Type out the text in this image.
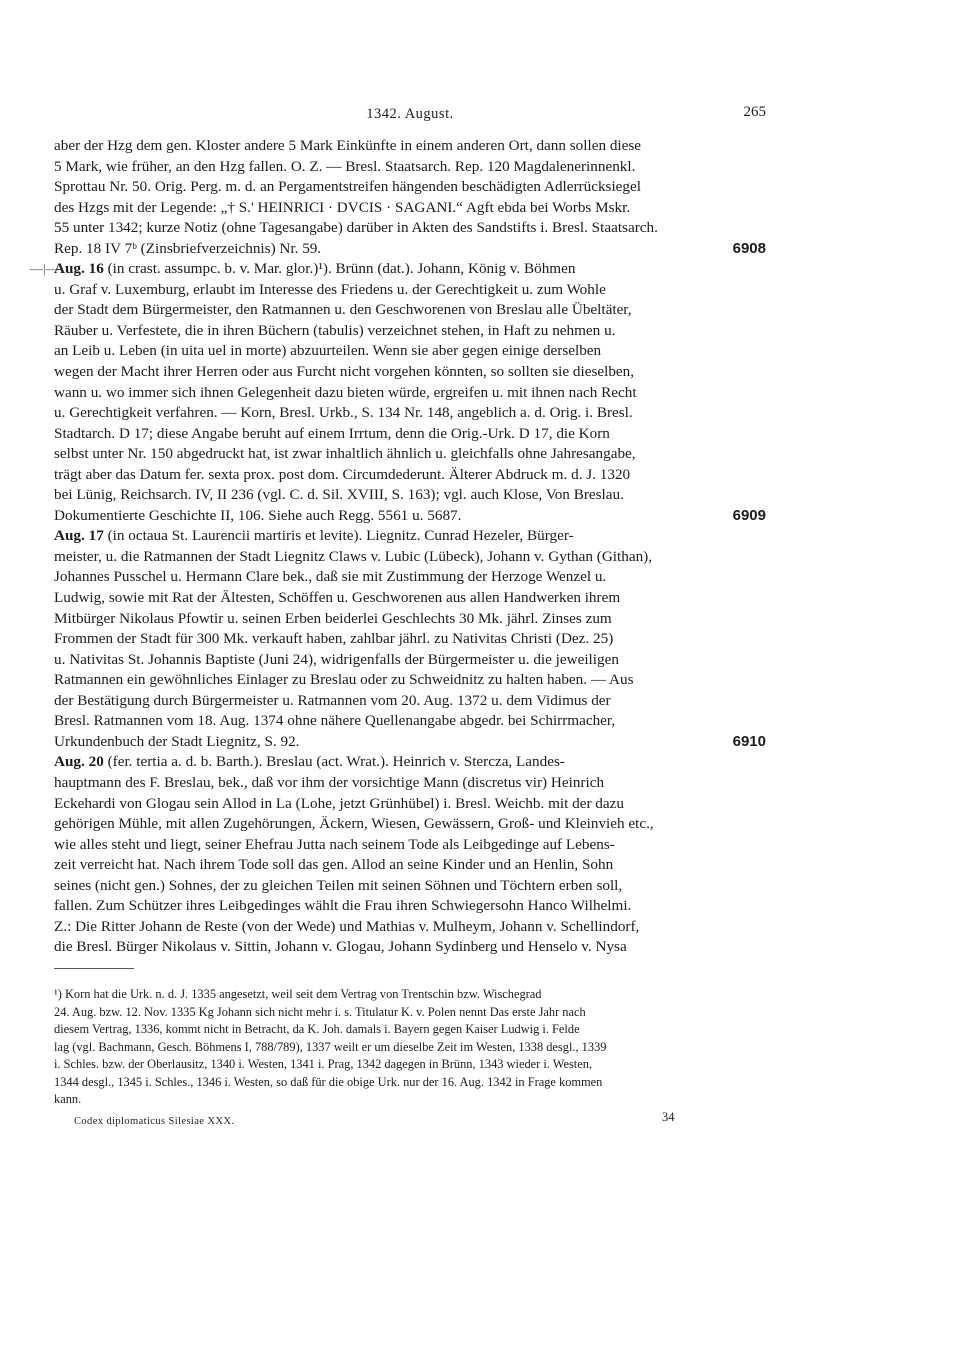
1342. August.	265
aber der Hzg dem gen. Kloster andere 5 Mark Einkünfte in einem anderen Ort, dann sollen diese
5 Mark, wie früher, an den Hzg fallen. O. Z. — Bresl. Staatsarch. Rep. 120 Magdalenerinnenkl.
Sprottau Nr. 50. Orig. Perg. m. d. an Pergamentstreifen hängenden beschädigten Adlerrücksiegel
des Hzgs mit der Legende: „† S.' HEINRICI · DVCIS · SAGANI.“ Agft ebda bei Worbs Mskr.
55 unter 1342; kurze Notiz (ohne Tagesangabe) darüber in Akten des Sandstifts i. Bresl. Staatsarch.
Rep. 18 IV 7ᵇ (Zinsbriefverzeichnis) Nr. 59.	6908
—|—
Aug. 16 (in crast. assumpc. b. v. Mar. glor.)¹). Brünn (dat.). Johann, König v. Böhmen
u. Graf v. Luxemburg, erlaubt im Interesse des Friedens u. der Gerechtigkeit u. zum Wohle
der Stadt dem Bürgermeister, den Ratmannen u. den Geschworenen von Breslau alle Übeltäter,
Räuber u. Verfestete, die in ihren Büchern (tabulis) verzeichnet stehen, in Haft zu nehmen u.
an Leib u. Leben (in uita uel in morte) abzuurteilen. Wenn sie aber gegen einige derselben
wegen der Macht ihrer Herren oder aus Furcht nicht vorgehen könnten, so sollten sie dieselben,
wann u. wo immer sich ihnen Gelegenheit dazu bieten würde, ergreifen u. mit ihnen nach Recht
u. Gerechtigkeit verfahren. — Korn, Bresl. Urkb., S. 134 Nr. 148, angeblich a. d. Orig. i. Bresl.
Stadtarch. D 17; diese Angabe beruht auf einem Irrtum, denn die Orig.-Urk. D 17, die Korn
selbst unter Nr. 150 abgedruckt hat, ist zwar inhaltlich ähnlich u. gleichfalls ohne Jahresangabe,
trägt aber das Datum fer. sexta prox. post dom. Circumdederunt. Älterer Abdruck m. d. J. 1320
bei Lünig, Reichsarch. IV, II 236 (vgl. C. d. Sil. XVIII, S. 163); vgl. auch Klose, Von Breslau.
Dokumentierte Geschichte II, 106. Siehe auch Regg. 5561 u. 5687.	6909
Aug. 17 (in octaua St. Laurencii martiris et levite). Liegnitz. Cunrad Hezeler, Bürger-
meister, u. die Ratmannen der Stadt Liegnitz Claws v. Lubic (Lübeck), Johann v. Gythan (Githan),
Johannes Pusschel u. Hermann Clare bek., daß sie mit Zustimmung der Herzoge Wenzel u.
Ludwig, sowie mit Rat der Ältesten, Schöffen u. Geschworenen aus allen Handwerken ihrem
Mitbürger Nikolaus Pfowtir u. seinen Erben beiderlei Geschlechts 30 Mk. jährl. Zinses zum
Frommen der Stadt für 300 Mk. verkauft haben, zahlbar jährl. zu Nativitas Christi (Dez. 25)
u. Nativitas St. Johannis Baptiste (Juni 24), widrigenfalls der Bürgermeister u. die jeweiligen
Ratmannen ein gewöhnliches Einlager zu Breslau oder zu Schweidnitz zu halten haben. — Aus
der Bestätigung durch Bürgermeister u. Ratmannen vom 20. Aug. 1372 u. dem Vidimus der
Bresl. Ratmannen vom 18. Aug. 1374 ohne nähere Quellenangabe abgedr. bei Schirrmacher,
Urkundenbuch der Stadt Liegnitz, S. 92.	6910
Aug. 20 (fer. tertia a. d. b. Barth.). Breslau (act. Wrat.). Heinrich v. Stercza, Landes-
hauptmann des F. Breslau, bek., daß vor ihm der vorsichtige Mann (discretus vir) Heinrich
Eckehardi von Glogau sein Allod in La (Lohe, jetzt Grünhübel) i. Bresl. Weichb. mit der dazu
gehörigen Mühle, mit allen Zugehörungen, Äckern, Wiesen, Gewässern, Groß- und Kleinvieh etc.,
wie alles steht und liegt, seiner Ehefrau Jutta nach seinem Tode als Leibgedinge auf Lebens-
zeit verreicht hat. Nach ihrem Tode soll das gen. Allod an seine Kinder und an Henlin, Sohn
seines (nicht gen.) Sohnes, der zu gleichen Teilen mit seinen Söhnen und Töchtern erben soll,
fallen. Zum Schützer ihres Leibgedinges wählt die Frau ihren Schwiegersohn Hanco Wilhelmi.
Z.: Die Ritter Johann de Reste (von der Wede) und Mathias v. Mulheym, Johann v. Schellindorf,
die Bresl. Bürger Nikolaus v. Sittin, Johann v. Glogau, Johann Sydinberg und Henselo v. Nysa
¹) Korn hat die Urk. n. d. J. 1335 angesetzt, weil seit dem Vertrag von Trentschin bzw. Wischegrad
24. Aug. bzw. 12. Nov. 1335 Kg Johann sich nicht mehr i. s. Titulatur K. v. Polen nennt Das erste Jahr nach
diesem Vertrag, 1336, kommt nicht in Betracht, da K. Joh. damals i. Bayern gegen Kaiser Ludwig i. Felde
lag (vgl. Bachmann, Gesch. Böhmens I, 788/789), 1337 weilt er um dieselbe Zeit im Westen, 1338 desgl., 1339
i. Schles. bzw. der Oberlausitz, 1340 i. Westen, 1341 i. Prag, 1342 dagegen in Brünn, 1343 wieder i. Westen,
1344 desgl., 1345 i. Schles., 1346 i. Westen, so daß für die obige Urk. nur der 16. Aug. 1342 in Frage kommen
kann.
Codex diplomaticus Silesiae XXX.	34
